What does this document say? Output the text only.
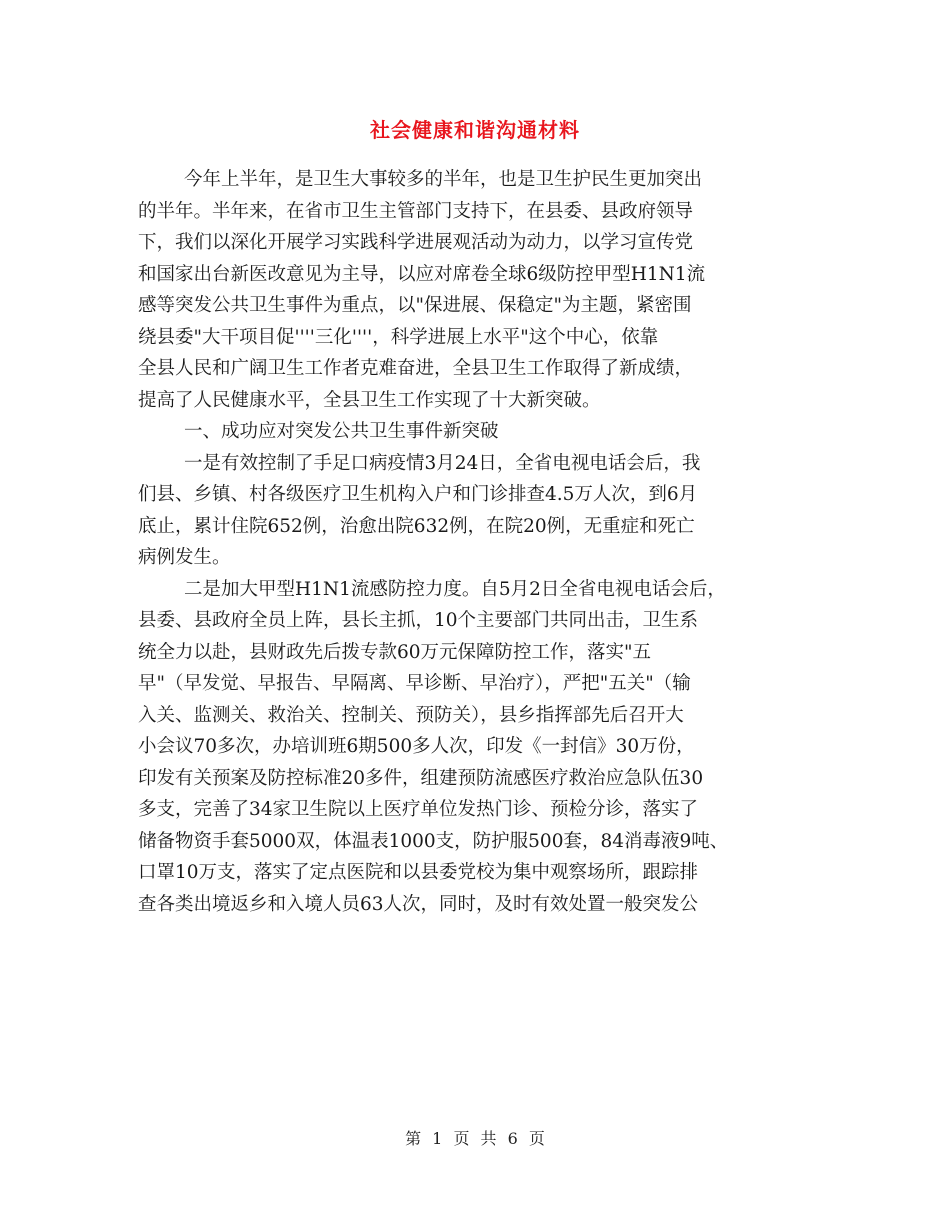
社会健康和谐沟通材料
今年上半年，是卫生大事较多的半年，也是卫生护民生更加突出
的半年。半年来，在省市卫生主管部门支持下，在县委、县政府领导
下，我们以深化开展学习实践科学进展观活动为动力，以学习宣传党
和国家出台新医改意见为主导，以应对席卷全球6级防控甲型H1N1流
感等突发公共卫生事件为重点，以"保进展、保稳定"为主题，紧密围
绕县委"大干项目促''''三化''''，科学进展上水平"这个中心，依靠
全县人民和广阔卫生工作者克难奋进，全县卫生工作取得了新成绩，
提高了人民健康水平，全县卫生工作实现了十大新突破。
一、成功应对突发公共卫生事件新突破
一是有效控制了手足口病疫情3月24日，全省电视电话会后，我
们县、乡镇、村各级医疗卫生机构入户和门诊排查4.5万人次，到6月
底止，累计住院652例，治愈出院632例，在院20例，无重症和死亡
病例发生。
二是加大甲型H1N1流感防控力度。自5月2日全省电视电话会后，
县委、县政府全员上阵，县长主抓，10个主要部门共同出击，卫生系
统全力以赴，县财政先后拨专款60万元保障防控工作，落实"五
早"（早发觉、早报告、早隔离、早诊断、早治疗），严把"五关"（输
入关、监测关、救治关、控制关、预防关），县乡指挥部先后召开大
小会议70多次，办培训班6期500多人次，印发《一封信》30万份，
印发有关预案及防控标准20多件，组建预防流感医疗救治应急队伍30
多支，完善了34家卫生院以上医疗单位发热门诊、预检分诊，落实了
储备物资手套5000双，体温表1000支，防护服500套，84消毒液9吨、
口罩10万支，落实了定点医院和以县委党校为集中观察场所，跟踪排
查各类出境返乡和入境人员63人次，同时，及时有效处置一般突发公
第 1 页 共 6 页
